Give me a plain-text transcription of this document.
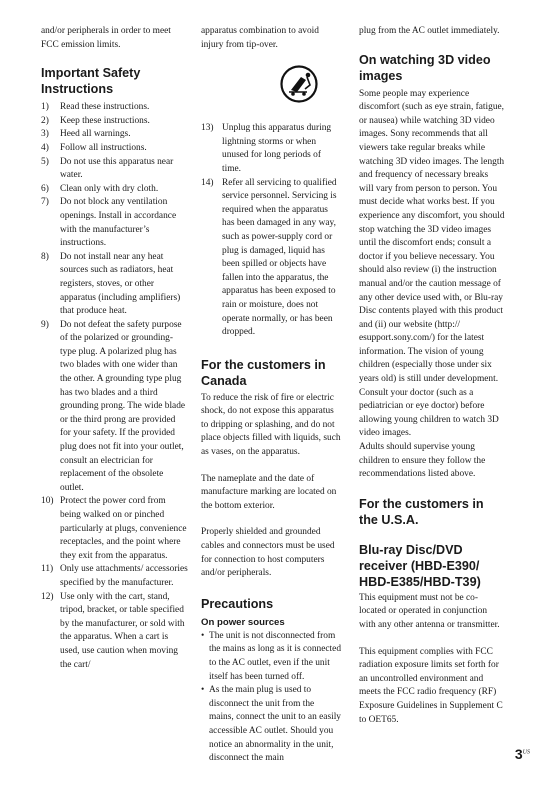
and/or peripherals in order to meet FCC emission limits.

Important Safety Instructions
1) Read these instructions.
2) Keep these instructions.
3) Heed all warnings.
4) Follow all instructions.
5) Do not use this apparatus near water.
6) Clean only with dry cloth.
7) Do not block any ventilation openings. Install in accordance with the manufacturer’s instructions.
8) Do not install near any heat sources such as radiators, heat registers, stoves, or other apparatus (including amplifiers) that produce heat.
9) Do not defeat the safety purpose of the polarized or grounding-type plug. A polarized plug has two blades with one wider than the other. A grounding type plug has two blades and a third grounding prong. The wide blade or the third prong are provided for your safety. If the provided plug does not fit into your outlet, consult an electrician for replacement of the obsolete outlet.
10) Protect the power cord from being walked on or pinched particularly at plugs, convenience receptacles, and the point where they exit from the apparatus.
11) Only use attachments/ accessories specified by the manufacturer.
12) Use only with the cart, stand, tripod, bracket, or table specified by the manufacturer, or sold with the apparatus. When a cart is used, use caution when moving the cart/

apparatus combination to avoid injury from tip-over.

13) Unplug this apparatus during lightning storms or when unused for long periods of time.
14) Refer all servicing to qualified service personnel. Servicing is required when the apparatus has been damaged in any way, such as power-supply cord or plug is damaged, liquid has been spilled or objects have fallen into the apparatus, the apparatus has been exposed to rain or moisture, does not operate normally, or has been dropped.
For the customers in Canada

To reduce the risk of fire or electric shock, do not expose this apparatus to dripping or splashing, and do not place objects filled with liquids, such as vases, on the apparatus.

The nameplate and the date of manufacture marking are located on the bottom exterior.

Properly shielded and grounded cables and connectors must be used for connection to host computers and/or peripherals.

Precautions
On power sources
• The unit is not disconnected from the mains as long as it is connected to the AC outlet, even if the unit itself has been turned off.
• As the main plug is used to disconnect the unit from the mains, connect the unit to an easily accessible AC outlet. Should you notice an abnormality in the unit, disconnect the main

plug from the AC outlet immediately.

On watching 3D video images

Some people may experience discomfort (such as eye strain, fatigue, or nausea) while watching 3D video images. Sony recommends that all viewers take regular breaks while watching 3D video images. The length and frequency of necessary breaks will vary from person to person. You must decide what works best. If you experience any discomfort, you should stop watching the 3D video images until the discomfort ends; consult a doctor if you believe necessary. You should also review (i) the instruction manual and/or the caution message of any other device used with, or Blu-ray Disc contents played with this product and (ii) our website (http:// esupport.sony.com/) for the latest information. The vision of young children (especially those under six years old) is still under development. Consult your doctor (such as a pediatrician or eye doctor) before allowing young children to watch 3D video images.

Adults should supervise young children to ensure they follow the recommendations listed above.

For the customers in the U.S.A.
Blu-ray Disc/DVD receiver (HBD-E390/ HBD-E385/HBD-T39)

This equipment must not be co-located or operated in conjunction with any other antenna or transmitter.

This equipment complies with FCC radiation exposure limits set forth for an uncontrolled environment and meets the FCC radio frequency (RF) Exposure Guidelines in Supplement C to OET65.

$3^{US}$
